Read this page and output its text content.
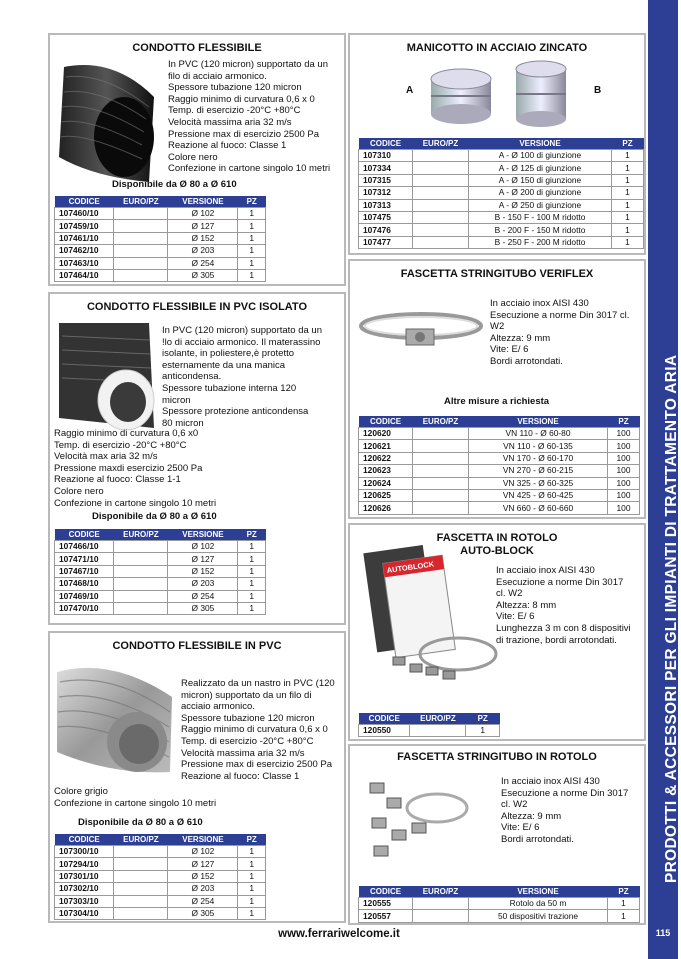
PRODOTTI & ACCESSORI PER GLI IMPIANTI DI TRATTAMENTO ARIA
115
www.ferrariwelcome.it
CONDOTTO FLESSIBILE
In PVC (120 micron) supportato da un
filo di acciaio armonico.
Spessore tubazione 120 micron
Raggio minimo di curvatura 0,6 x 0
Temp. di esercizio -20°C +80°C
Velocità massima aria 32 m/s
Pressione max di esercizio 2500 Pa
Reazione al fuoco: Classe 1
Colore nero
Confezione in cartone singolo 10 metri
Disponibile da Ø 80 a Ø 610
CODICE	EURO/PZ	VERSIONE	PZ
107460/10		Ø 102	1
107459/10		Ø 127	1
107461/10		Ø 152	1
107462/10		Ø 203	1
107463/10		Ø 254	1
107464/10		Ø 305	1
CONDOTTO FLESSIBILE IN PVC ISOLATO
In PVC (120 micron) supportato da un
!lo di acciaio armonico. Il materassino
isolante, in poliestere,è protetto
esternamente da una manica
anticondensa.
Spessore tubazione interna 120
micron
Spessore protezione anticondensa
80 micron
Raggio minimo di curvatura 0,6 x0
Temp. di esercizio -20°C +80°C
Velocità max aria 32 m/s
Pressione maxdi esercizio 2500 Pa
Reazione al fuoco: Classe 1-1
Colore nero
Confezione in cartone singolo 10 metri
Disponibile da Ø 80 a Ø 610
CODICE	EURO/PZ	VERSIONE	PZ
107466/10		Ø 102	1
107471/10		Ø 127	1
107467/10		Ø 152	1
107468/10		Ø 203	1
107469/10		Ø 254	1
107470/10		Ø 305	1
CONDOTTO FLESSIBILE IN PVC
Realizzato da un nastro in PVC (120
micron) supportato da un filo di
acciaio armonico.
Spessore tubazione 120 micron
Raggio minimo di curvatura 0,6 x 0
Temp. di esercizio -20°C +80°C
Velocità massima aria 32 m/s
Pressione max di esercizio 2500 Pa
Reazione al fuoco: Classe 1
Colore grigio
Confezione in cartone singolo 10 metri
Disponibile da Ø 80 a Ø 610
CODICE	EURO/PZ	VERSIONE	PZ
107300/10		Ø 102	1
107294/10		Ø 127	1
107301/10		Ø 152	1
107302/10		Ø 203	1
107303/10		Ø 254	1
107304/10		Ø 305	1
MANICOTTO IN ACCIAIO ZINCATO
A	B
CODICE	EURO/PZ	VERSIONE	PZ
107310		A - Ø 100 di giunzione	1
107334		A - Ø 125 di giunzione	1
107315		A - Ø 150 di giunzione	1
107312		A - Ø 200 di giunzione	1
107313		A - Ø 250 di giunzione	1
107475		B - 150 F - 100 M ridotto	1
107476		B - 200 F - 150 M ridotto	1
107477		B - 250 F - 200 M ridotto	1
FASCETTA STRINGITUBO VERIFLEX
In acciaio inox AISI 430
Esecuzione a norme Din 3017 cl.
W2
Altezza: 9 mm
Vite: E/ 6
Bordi arrotondati.
Altre misure a richiesta
CODICE	EURO/PZ	VERSIONE	PZ
120620		VN 110 - Ø 60-80	100
120621		VN 110 - Ø 60-135	100
120622		VN 170 - Ø 60-170	100
120623		VN 270 - Ø 60-215	100
120624		VN 325 - Ø 60-325	100
120625		VN 425 - Ø 60-425	100
120626		VN 660 - Ø 60-660	100
FASCETTA IN ROTOLO
AUTO-BLOCK
AUTOBLOCK	In acciaio inox AISI 430
Esecuzione a norme Din 3017
cl. W2
Altezza: 8 mm
Vite: E/ 6
Lunghezza 3 m con 8 dispositivi
di trazione, bordi arrotondati.
CODICE	EURO/PZ	PZ
120550		1
FASCETTA STRINGITUBO IN ROTOLO
In acciaio inox AISI 430
Esecuzione a norme Din 3017
cl. W2
Altezza: 9 mm
Vite: E/ 6
Bordi arrotondati.
CODICE	EURO/PZ	VERSIONE	PZ
120555		Rotolo da 50 m	1
120557		50 dispositivi trazione	1
